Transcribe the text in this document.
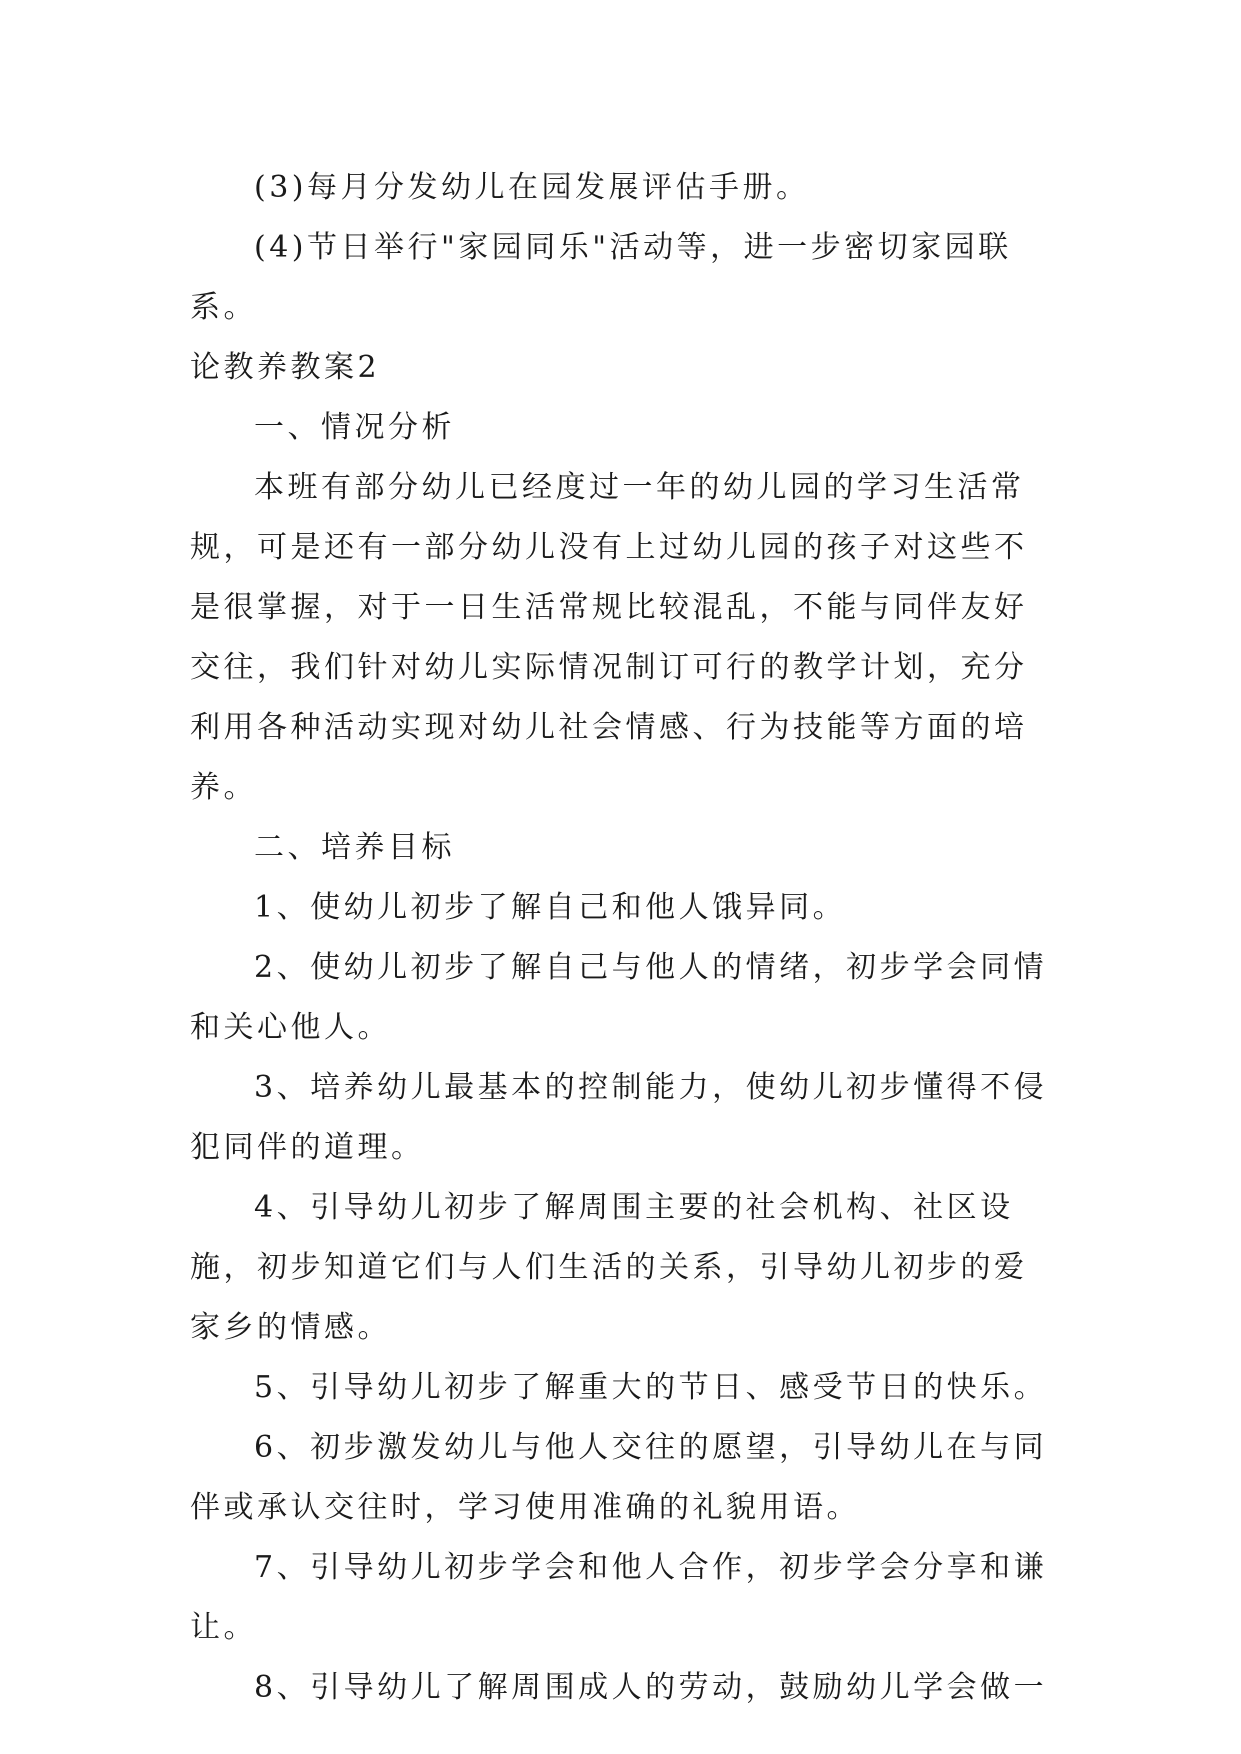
(3)每月分发幼儿在园发展评估手册。

(4)节日举行"家园同乐"活动等，进一步密切家园联系。

论教养教案2

一、情况分析

本班有部分幼儿已经度过一年的幼儿园的学习生活常规，可是还有一部分幼儿没有上过幼儿园的孩子对这些不是很掌握，对于一日生活常规比较混乱，不能与同伴友好交往，我们针对幼儿实际情况制订可行的教学计划，充分利用各种活动实现对幼儿社会情感、行为技能等方面的培养。

二、培养目标

1、使幼儿初步了解自己和他人饿异同。

2、使幼儿初步了解自己与他人的情绪，初步学会同情和关心他人。

3、培养幼儿最基本的控制能力，使幼儿初步懂得不侵犯同伴的道理。

4、引导幼儿初步了解周围主要的社会机构、社区设施，初步知道它们与人们生活的关系，引导幼儿初步的爱家乡的情感。

5、引导幼儿初步了解重大的节日、感受节日的快乐。

6、初步激发幼儿与他人交往的愿望，引导幼儿在与同伴或承认交往时，学习使用准确的礼貌用语。

7、引导幼儿初步学会和他人合作，初步学会分享和谦让。

8、引导幼儿了解周围成人的劳动，鼓励幼儿学会做一
